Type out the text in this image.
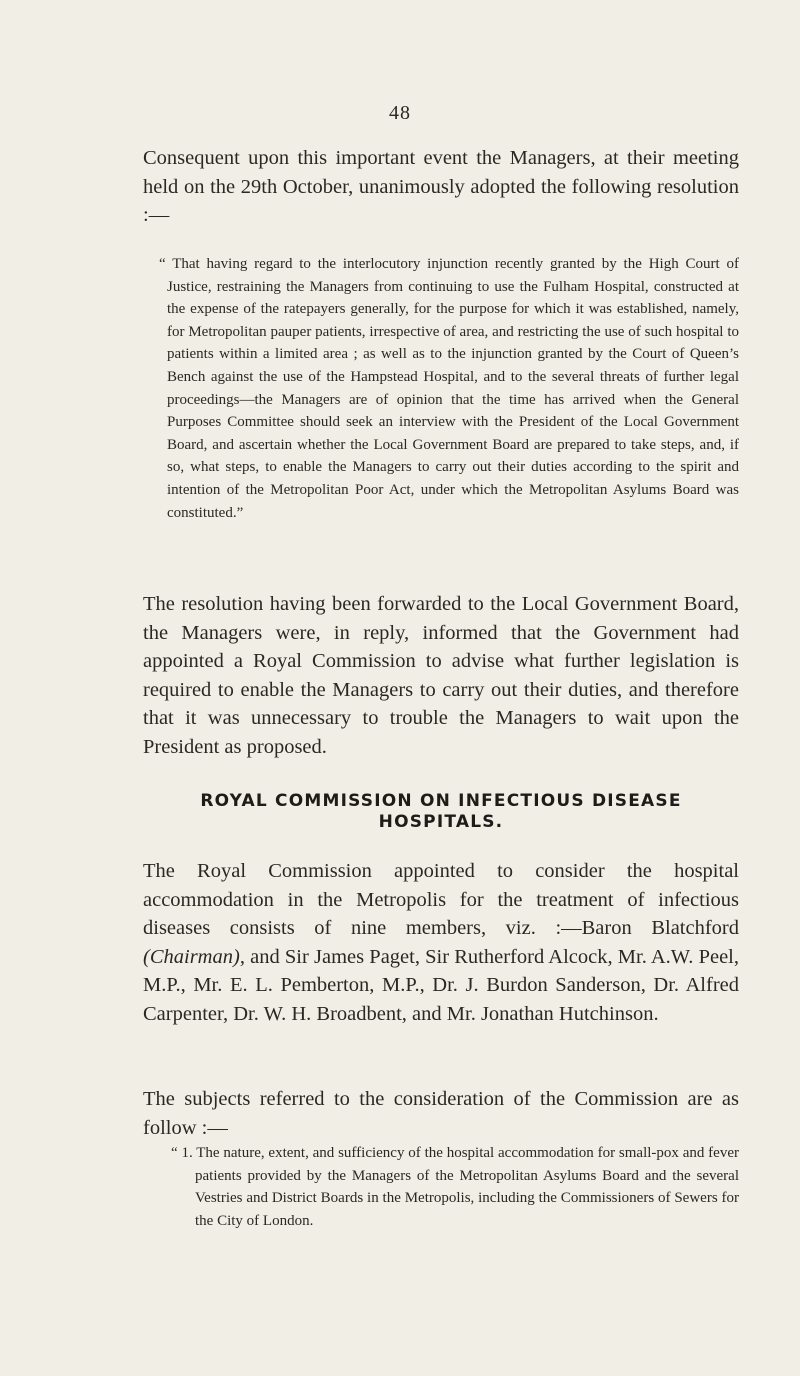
48

Consequent upon this important event the Managers, at their meeting held on the 29th October, unanimously adopted the following resolution :—

“ That having regard to the interlocutory injunction recently granted by the High Court of Justice, restraining the Managers from continuing to use the Fulham Hospital, constructed at the expense of the ratepayers generally, for the purpose for which it was established, namely, for Metropolitan pauper patients, irrespective of area, and restricting the use of such hospital to patients within a limited area ; as well as to the injunction granted by the Court of Queen’s Bench against the use of the Hampstead Hospital, and to the several threats of further legal proceedings—the Managers are of opinion that the time has arrived when the General Purposes Committee should seek an interview with the President of the Local Government Board, and ascertain whether the Local Government Board are prepared to take steps, and, if so, what steps, to enable the Managers to carry out their duties according to the spirit and intention of the Metropolitan Poor Act, under which the Metropolitan Asylums Board was constituted.”

The resolution having been forwarded to the Local Government Board, the Managers were, in reply, informed that the Government had appointed a Royal Commission to advise what further legislation is required to enable the Managers to carry out their duties, and therefore that it was unnecessary to trouble the Managers to wait upon the President as proposed.

ROYAL COMMISSION ON INFECTIOUS DISEASE HOSPITALS.

The Royal Commission appointed to consider the hospital accommodation in the Metropolis for the treatment of infectious diseases consists of nine members, viz. :—Baron Blatchford (Chairman), and Sir James Paget, Sir Rutherford Alcock, Mr. A.W. Peel, M.P., Mr. E. L. Pemberton, M.P., Dr. J. Burdon Sanderson, Dr. Alfred Carpenter, Dr. W. H. Broadbent, and Mr. Jonathan Hutchinson.

The subjects referred to the consideration of the Commission are as follow :—

“ 1. The nature, extent, and sufficiency of the hospital accommodation for small-pox and fever patients provided by the Managers of the Metropolitan Asylums Board and the several Vestries and District Boards in the Metropolis, including the Commissioners of Sewers for the City of London.
